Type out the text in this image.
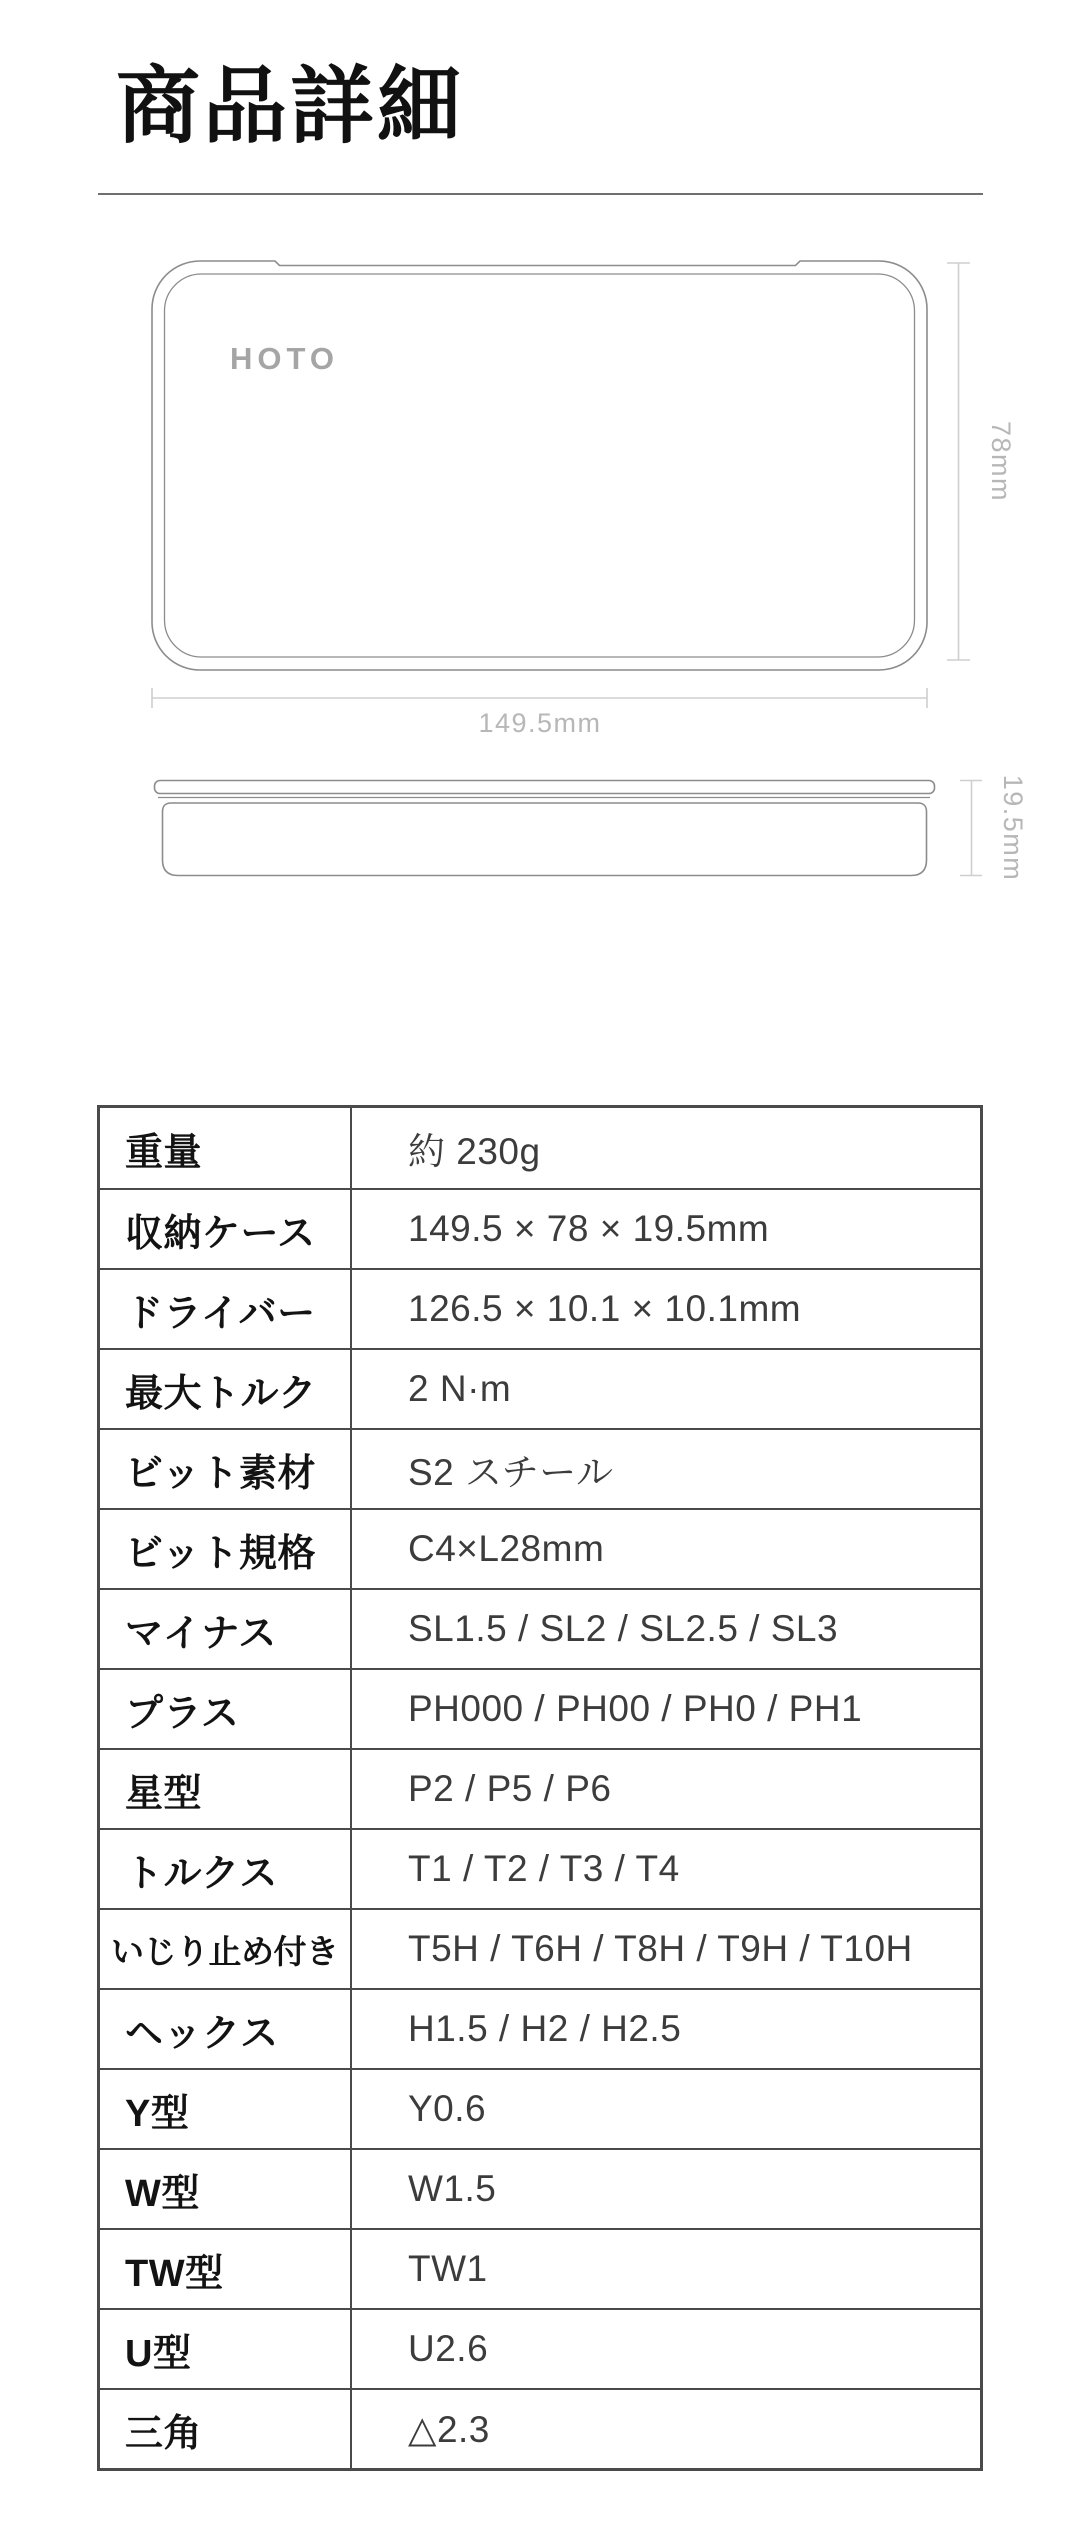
商品詳細
HOTO
78mm
149.5mm
19.5mm
重量	約 230g
収納ケース	149.5 × 78 × 19.5mm
ドライバー	126.5 × 10.1 × 10.1mm
最大トルク	2 N·m
ビット素材	S2 スチール
ビット規格	C4×L28mm
マイナス	SL1.5 / SL2 / SL2.5 / SL3
プラス	PH000 / PH00 / PH0 / PH1
星型	P2 / P5 / P6
トルクス	T1 / T2 / T3 / T4
いじり止め付き	T5H / T6H / T8H / T9H / T10H
ヘックス	H1.5 / H2 / H2.5
Y型	Y0.6
W型	W1.5
TW型	TW1
U型	U2.6
三角	△2.3
